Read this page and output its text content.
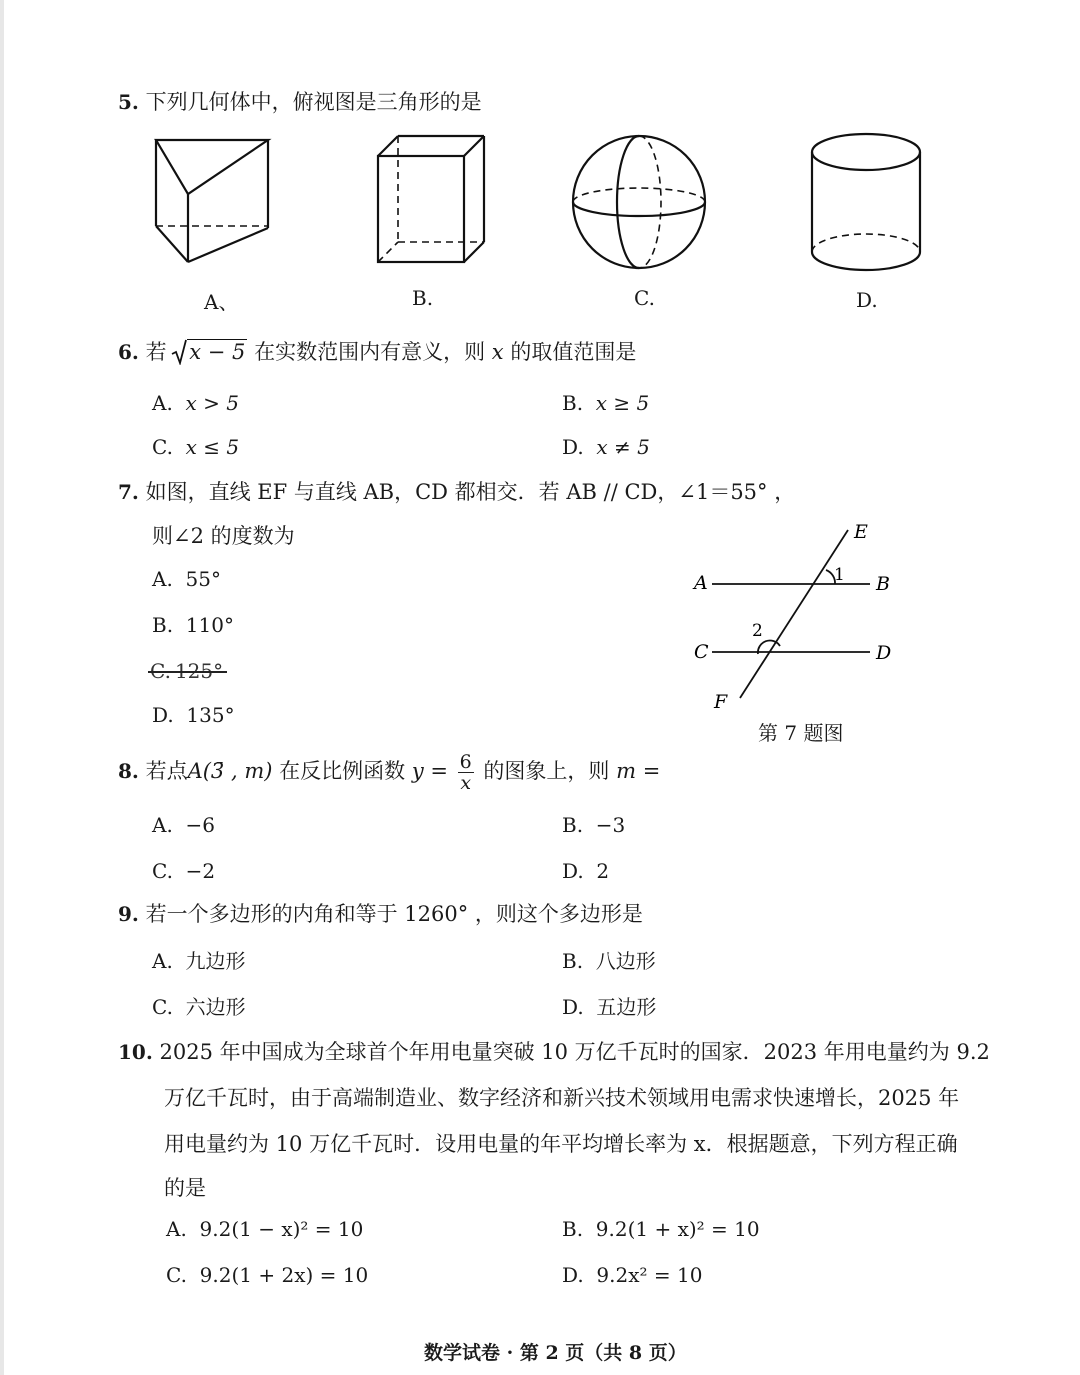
5. 下列几何体中，俯视图是三角形的是
A、	B.	C.	D.
6. 若 x − 5 在实数范围内有意义，则 x 的取值范围是
A. x > 5	B. x ≥ 5
C. x ≤ 5	D. x ≠ 5
7. 如图，直线 EF 与直线 AB，CD 都相交．若 AB // CD，∠1＝55° ，
则∠2 的度数为
A. 55°
B. 110°
C. 125°
D. 135°
E
A	B
1
2
C	D
F
第 7 题图
8. 若点A(3̄ , m) 在反比例函数 $y = \frac{6}{x}$ 的图象上，则 m =
A. −6	B. −3
C. −2	D. 2
9. 若一个多边形的内角和等于 1260° ，则这个多边形是
A. 九边形	B. 八边形
C. 六边形	D. 五边形
10. 2025 年中国成为全球首个年用电量突破 10 万亿千瓦时的国家．2023 年用电量约为 9.2
万亿千瓦时，由于高端制造业、数字经济和新兴技术领域用电需求快速增长，2025 年
用电量约为 10 万亿千瓦时．设用电量的年平均增长率为 x．根据题意，下列方程正确
的是
A. 9.2(1 − x)² = 10	B. 9.2(1 + x)² = 10
C. 9.2(1 + 2x) = 10	D. 9.2x² = 10
数学试卷 · 第 2 页（共 8 页）
